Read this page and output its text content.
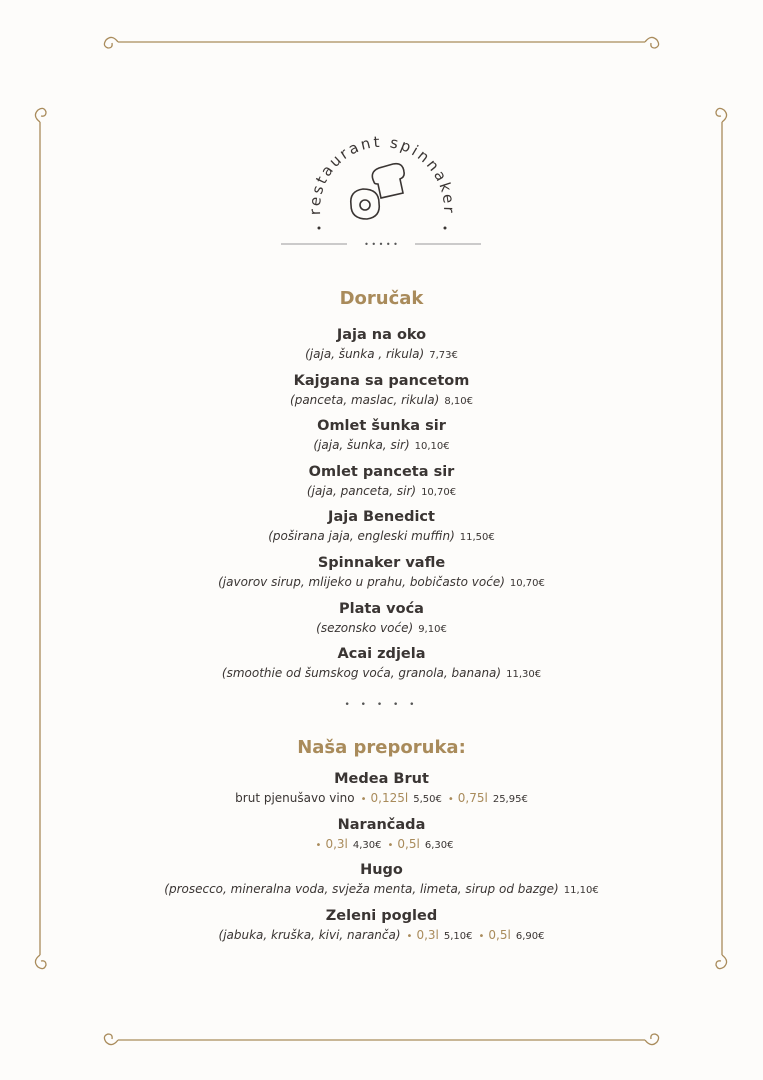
restaurant spinnaker
• • • • •
Doručak
Jaja na oko
(jaja, šunka , rikula) 7,73€
Kajgana sa pancetom
(panceta, maslac, rikula) 8,10€
Omlet šunka sir
(jaja, šunka, sir) 10,10€
Omlet panceta sir
(jaja, panceta, sir) 10,70€
Jaja Benedict
(poširana jaja, engleski muffin) 11,50€
Spinnaker vafle
(javorov sirup, mlijeko u prahu, bobičasto voće) 10,70€
Plata voća
(sezonsko voće) 9,10€
Acai zdjela
(smoothie od šumskog voća, granola, banana) 11,30€
• • • • •
Naša preporuka:
Medea Brut
brut pjenušavo vino • 0,125l 5,50€ • 0,75l 25,95€
Narančada
• 0,3l 4,30€ • 0,5l 6,30€
Hugo
(prosecco, mineralna voda, svježa menta, limeta, sirup od bazge) 11,10€
Zeleni pogled
(jabuka, kruška, kivi, naranča) • 0,3l 5,10€ • 0,5l 6,90€
